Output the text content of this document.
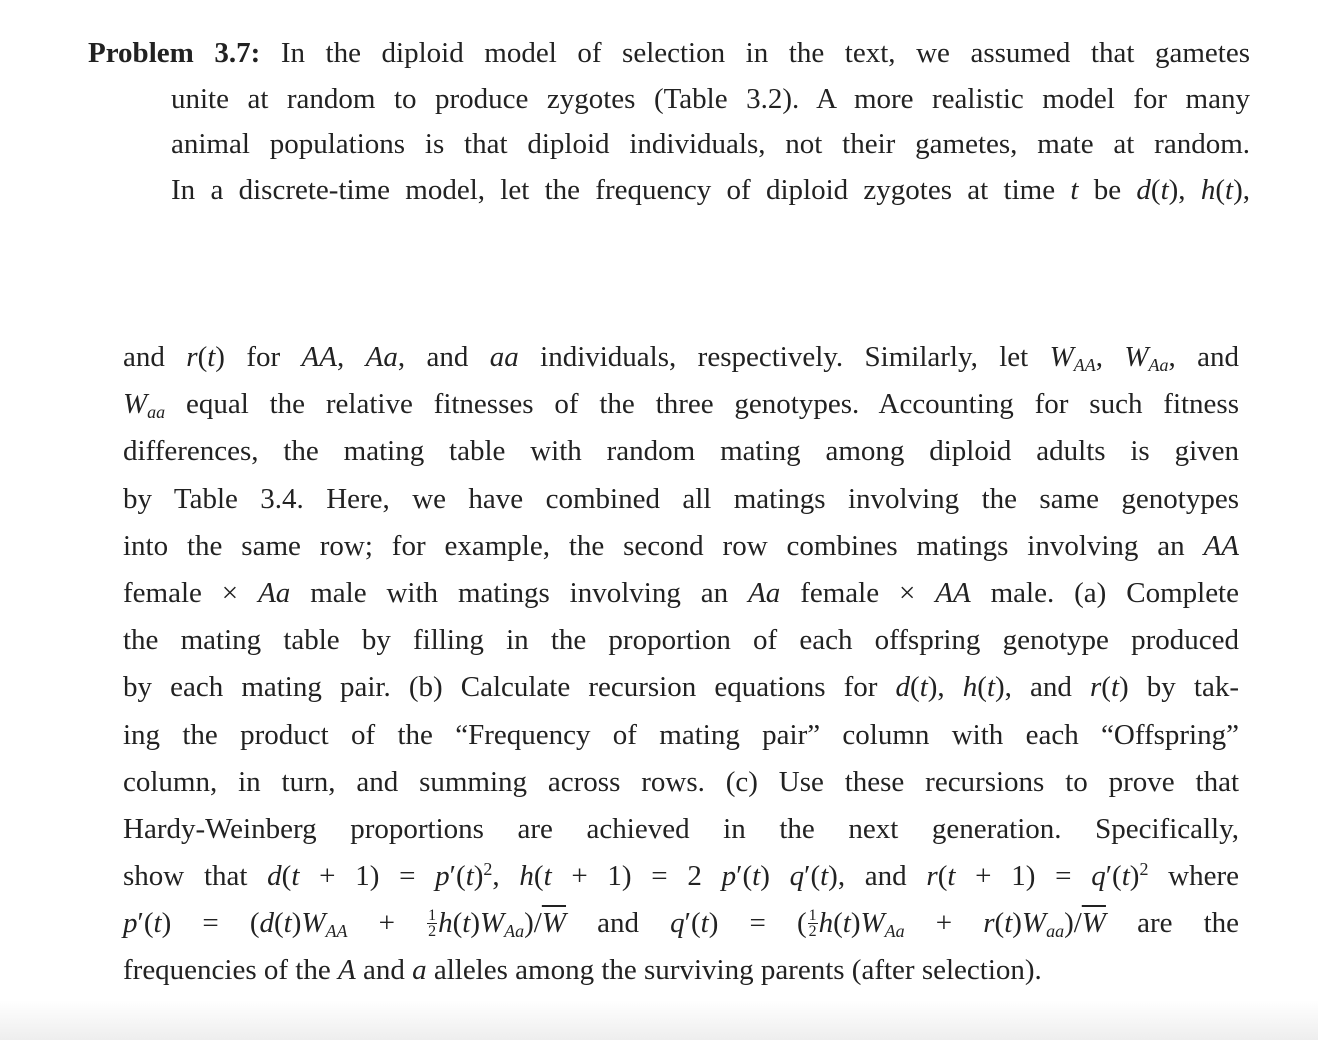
Problem 3.7: In the diploid model of selection in the text, we assumed that gametes
unite at random to produce zygotes (Table 3.2). A more realistic model for many
animal populations is that diploid individuals, not their gametes, mate at random.
In a discrete-time model, let the frequency of diploid zygotes at time t be d(t), h(t),
and r(t) for AA, Aa, and aa individuals, respectively. Similarly, let $W_{AA}$, $W_{Aa}$, and
$W_{aa}$ equal the relative fitnesses of the three genotypes. Accounting for such fitness
differences, the mating table with random mating among diploid adults is given
by Table 3.4. Here, we have combined all matings involving the same genotypes
into the same row; for example, the second row combines matings involving an AA
female × Aa male with matings involving an Aa female × AA male. (a) Complete
the mating table by filling in the proportion of each offspring genotype produced
by each mating pair. (b) Calculate recursion equations for d(t), h(t), and r(t) by tak-
ing the product of the “Frequency of mating pair” column with each “Offspring”
column, in turn, and summing across rows. (c) Use these recursions to prove that
Hardy-Weinberg proportions are achieved in the next generation. Specifically,
show that $d(t + 1) = p'(t)^2$, h(t + 1) = 2 p′(t) q′(t), and $r(t + 1) = q'(t)^2$ where
$p'(t) = (d(t)W_{AA} + \frac{1}{2} h(t)W_{Aa})/\overline{W}$ and q′(t) = ( $\frac{1}{2} h(t)W_{Aa} + r(t)W_{aa})/\overline{W}$ are the
frequencies of the A and a alleles among the surviving parents (after selection).
